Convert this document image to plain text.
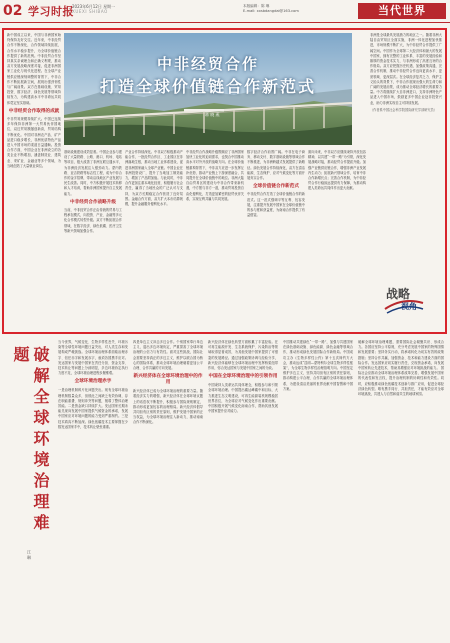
02 学习时报
2023年6月12日 星期一
XUEXI SHIBAO
本版编辑：陈 琳
E-mail: xxsbdangdai@163.com	当代世界
中非经贸合作
打造全球价值链合作新范式
蒋 晓 燕
新中国成立以来，中国与非洲国家始终保持友好交往。近年来，中非经贸合作不断深化，合作领域持续拓展，合作水平稳步提升，为全球价值链合作提供了新的范例。中非经贸合作坚持真实亲诚理念和正确义利观，推动双方发展战略深度对接，促进非洲国家工业化与现代化进程。在全球产业链供应链深刻调整的背景下，中非合作不断拓展新空间，展现出强劲韧性与广阔前景。双方在基础设施、贸易投资、数字经济、绿色发展等领域持续发力，为构建高水平中非命运共同体奠定坚实基础。
中非经贸合作取得的成就
中非贸易规模持续扩大。中国已连续多年保持非洲第一大贸易伙伴国地位，双边贸易额屡创新高，贸易结构不断优化。中国对非洲农产品、矿产品进口稳步增长，非洲优质特色产品进入中国市场的渠道日益通畅。投资合作方面，中国企业在非洲设立的各类企业不断增加，涵盖制造业、建筑业、采矿业、金融业等多个领域，为当地创造了大量就业岗位。
基础设施建设成效显著。中国企业参与建设了大量铁路、公路、港口、机场、电站等项目，极大改善了非洲互联互通水平，为非洲经济发展注入强劲动力。蒙内铁路、亚吉铁路等标志性工程，成为中非合作的金字招牌，带动沿线地区产业发展与民生改善。同时，中方积极开展技术转移和人才培训，帮助非洲国家提升自主发展能力。
中非经贸合作战略升级
当前，中非经贸合作正由传统的贸易与工程承包模式，向投资、产业、金融等多元化合作模式转型升级。双方不断拓展合作领域，在数字经济、绿色低碳、医疗卫生等新兴领域加强合作。
产业合作持续深化。中非双方积极推动产能合作，一批经贸合作区、工业园区在非洲落地生根，推动当地工业体系建设，促进非洲国家融入全球产业链。中国企业在非洲投资设厂，提升了当地加工制造能力，增加了产品附加值。与此同时，中非合作更加注重本地化经营，积极履行社会责任，赢得了当地民众的广泛认可与支持，为双方长期稳定合作营造了良好氛围。金融合作方面，双方扩大本币结算规模，提升金融服务便利化水平。
中非经贸合作战略升级既顺应了非洲国家加快工业化的迫切需求，也契合中国推动高水平对外开放的战略方向。在全球价值链重构背景下，中非双方应进一步发挥互补优势，推动产业链上下游深度融合，共同提升在全球价值链中的地位。非洲大陆自由贸易区的建设为中非合作带来新机遇，中方愿与非方一道，推动贸易投资自由化便利化，打造更加紧密的经贸伙伴关系，实现互利共赢与共同发展。
数字经济合作前景广阔。中非在电子商务、移动支付、数字基础设施等领域合作不断推进，为非洲跨越式发展提供了新路径。绿色发展合作持续深化，双方在清洁能源、生态保护、应对气候变化等方面开展务实合作。
全球价值链合作新范式
中非经贸合作打造了全球价值链合作的新范式。这一范式强调平等互利、包容发展，注重提升发展中国家在全球价值链中的参与度和获益度，为南南合作提供了有益借鉴。
面向未来，中非双方应继续秉持开放包容精神，以共建“一带一路”为引领，深化发展战略对接，推动经贸合作提质升级。加强产业链供应链合作，增强非洲产业发展内生动力；拓展新兴领域合作，培育中非合作新增长点；完善合作机制，为中非经贸合作行稳致远提供有力保障，为推动构建人类命运共同体作出更大贡献。
非洲是全球最具发展潜力的地区之一。随着非洲大陆自由贸易区全面实施，非洲一体化进程加快推进，市场规模不断扩大，为中非经贸合作提供了广阔空间。中国作为全球第二大经济体和最大的发展中国家，拥有完整的工业体系、丰富的发展经验和雄厚的资金技术实力，与非洲形成了高度互补的合作格局。双方应把握历史机遇，加强政策沟通，完善合作机制，推动中非经贸合作迈向更高水平、更宽领域、更深层次。在全球经济复苏乏力、保护主义抬头的背景下，中非合作展现出强大的生命力和广阔的发展前景，成为推动全球经济增长的重要力量。中方将继续扩大自非洲进口，支持非洲特色产品进入中国市场，鼓励更多中国企业赴非投资兴业，助力非洲实现自主可持续发展。
（作者系中国社会科学院国际研究学部研究员）
战略
视角
破解全球环境治理难题
江 琳
当今世界，气候变化、生物多样性丧失、环境污染等全球性环境问题日益突出，对人类生存和发展构成严峻挑战。全球环境治理体系面临治理赤字、信任赤字和发展赤字，亟须各国携手应对。发达国家与发展中国家在责任分担、资金支持、技术转让等问题上分歧明显，多边环境协定执行力度不足，全球环境治理进程步履维艰。
全球环境治理赤字
一是治理机制碎片化问题突出。现有全球环境治理机制数量众多，但彼此之间缺乏有效协调，存在职能重叠、规则冲突等问题，削弱了整体治理效能。二是资金缺口持续扩大。发达国家长期未能兑现向发展中国家提供气候资金的承诺，发展中国家应对环境问题的能力受到严重制约。三是技术鸿沟不断加深。绿色低碳技术主要掌握在少数发达国家手中，技术转让壁垒重重。
四是单边主义冲击多边合作。个别国家奉行单边主义，退出多边环境协定，严重损害了全球环境治理的公信力与有效性。面对这些挑战，国际社会需要坚持真正的多边主义，维护以联合国为核心的国际体系，推动全球环境治理朝着更加公平合理、合作共赢的方向发展。
新兴经济体在全球环境治理中的作用
新兴经济体已成为全球环境治理的重要力量。随着经济实力的增强，新兴经济体在全球环境议题上的话语权不断提升，积极参与国际规则制定，推动形成更加包容的治理格局。新兴经济体倡导共同但有区别的责任原则，维护发展中国家的正当权益，为全球环境治理注入新动力，推动南南合作不断深化。
新兴经济体在绿色转型方面积累了丰富经验。在可再生能源开发、生态系统保护、污染防治等领域取得显著成效，为其他发展中国家提供了可借鉴的发展路径。通过加强政策协调与经验分享，新兴经济体能够在全球环境治理中发挥桥梁纽带作用，弥合发达国家与发展中国家之间的分歧。
中国在全球环境治理中的引领作用
中国秉持人类命运共同体理念，积极参与和引领全球环境治理。中国提出碳达峰碳中和目标，大力推进生态文明建设，可再生能源装机规模稳居世界首位，为全球应对气候变化作出重要贡献。中国积极开展气候变化南南合作，帮助其他发展中国家提升应对能力。
中国推动共建绿色“一带一路”，加强与共建国家在绿色基础设施、绿色能源、绿色金融等领域合作，推动形成绿色发展国际合作新格局。中国成功主办《生物多样性公约》第十五次缔约方大会，推动达成“昆明—蒙特利尔全球生物多样性框架”，为全球生物多样性治理指明方向。中国坚定维护多边主义，坚持共同但有区别的责任原则，推动构建公平合理、合作共赢的全球环境治理体系，为建设清洁美丽的世界贡献中国智慧和中国方案。
破解全球环境治理难题，需要国际社会凝聚共识、形成合力。各国应坚持公平原则，充分考虑发展中国家的特殊国情和发展需要；坚持务实行动，将承诺转化为切实有效的政策措施；坚持合作共赢，加强资金、技术和能力建设方面的国际合作。发达国家应切实履行责任，兑现资金承诺，向发展中国家转让先进技术，帮助其增强应对环境挑战的能力。 国际社会应推动全球环境治理体系改革完善，增强发展中国家的代表性和发言权，提升治理机制的协调性和有效性。同时，应积极推动绿色低碳技术创新与推广应用，促进全球经济绿色转型。唯有携手同行、共担责任，才能有效应对全球环境挑战，共建人与自然和谐共生的地球家园。
